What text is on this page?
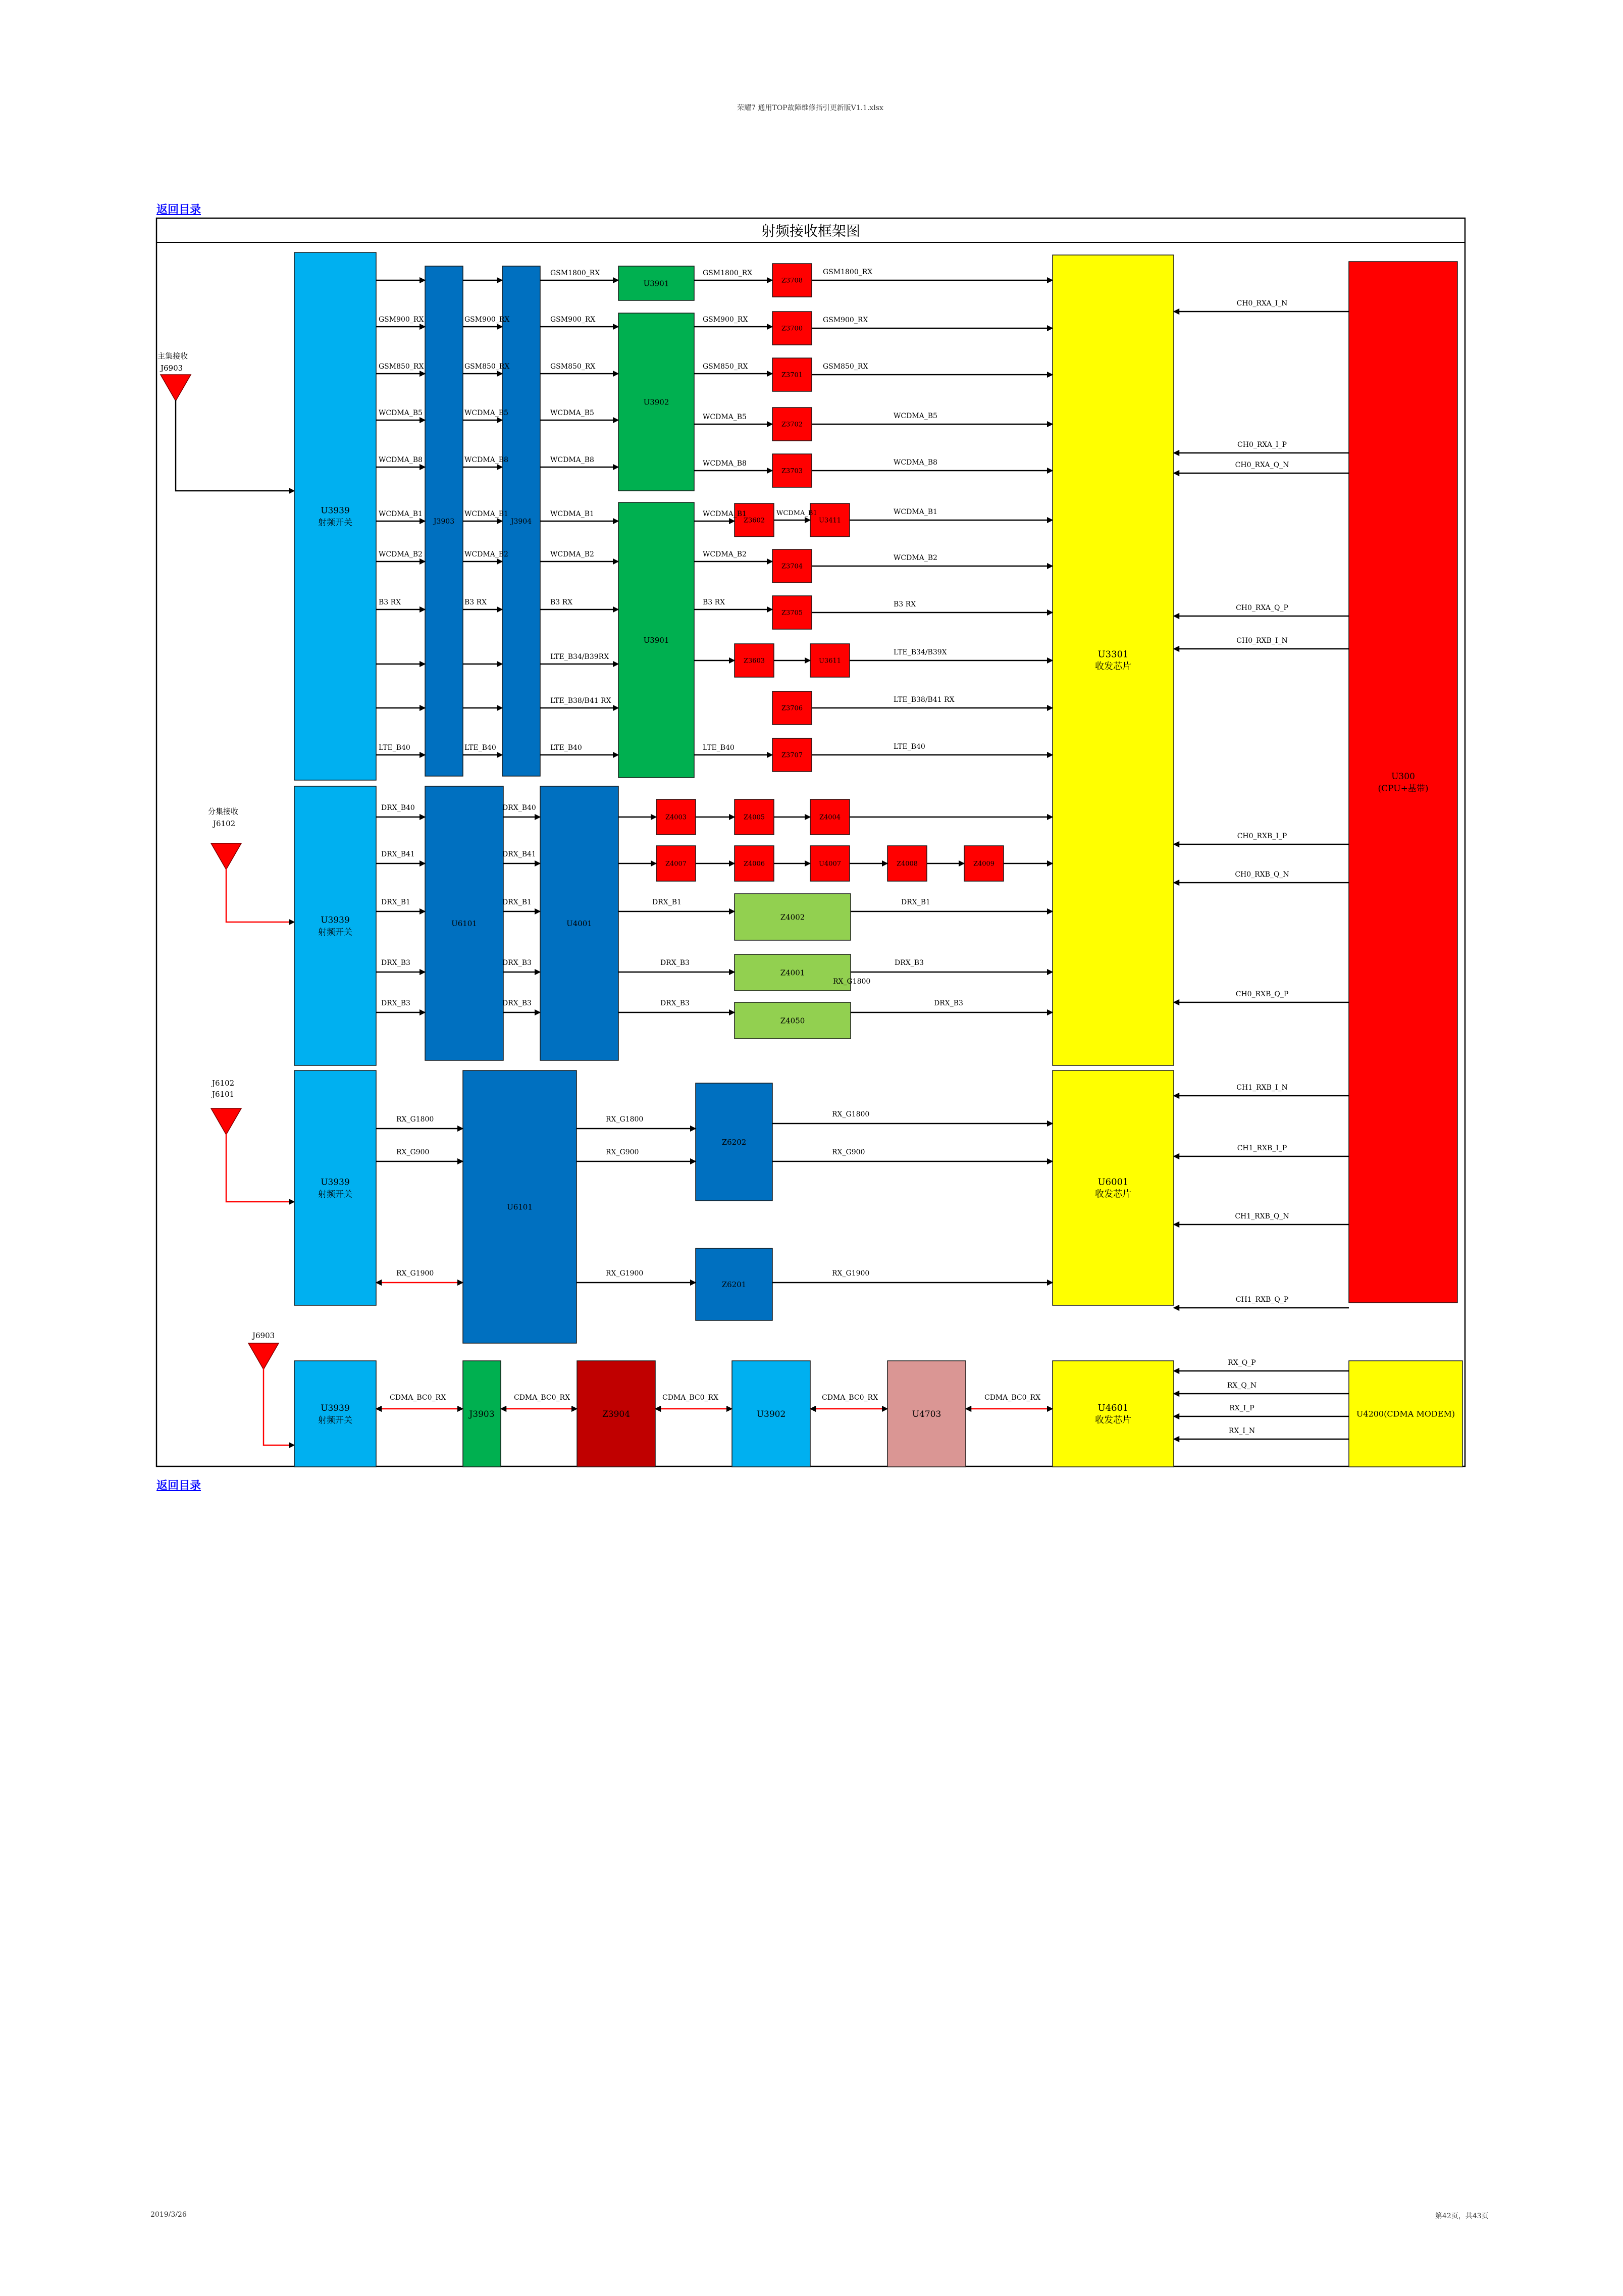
荣耀7 通用TOP故障维修指引更新版V1.1.xlsx
返回目录
返回目录
2019/3/26	第42页，共43页
射频接收框架图
主集接收
J6903
U3939
射频开关	J3903	J3904
GSM900_RX	GSM900_RX
GSM850_RX	GSM850_RX
WCDMA_B5	WCDMA_B5
WCDMA_B8	WCDMA_B8
WCDMA_B1	WCDMA_B1
WCDMA_B2	WCDMA_B2
B3 RX	B3 RX
LTE_B40	LTE_B40
GSM1800_RX
GSM900_RX
GSM850_RX
WCDMA_B5
WCDMA_B8
WCDMA_B1
WCDMA_B2
B3 RX
LTE_B34/B39RX
LTE_B38/B41 RX
LTE_B40
U3901
U3902
U3901
Z3708
Z3700
Z3701
Z3702
Z3703
Z3704
Z3705
Z3706
Z3707
Z3602
Z3603
U3411
U3611
GSM1800_RX
GSM900_RX
GSM850_RX
WCDMA_B5
WCDMA_B8
WCDMA_B1
WCDMA_B2
B3 RX
LTE_B40
WCDMA_B1
U3301
收发芯片
GSM1800_RX
GSM900_RX
GSM850_RX
WCDMA_B5
WCDMA_B8
WCDMA_B1
WCDMA_B2
B3 RX
LTE_B34/B39X
LTE_B38/B41 RX
LTE_B40
U300
(CPU+基带)
CH0_RXA_I_N
CH0_RXA_I_P
CH0_RXA_Q_N
CH0_RXA_Q_P
CH0_RXB_I_N
CH0_RXB_I_P
CH0_RXB_Q_N
CH0_RXB_Q_P
分集接收
J6102
U3939
射频开关
U6101	U4001
DRX_B40	DRX_B40
DRX_B41	DRX_B41
DRX_B1	DRX_B1
DRX_B3	DRX_B3
DRX_B3	DRX_B3
Z4003	Z4005	Z4004
Z4007	Z4006	U4007	Z4008	Z4009
Z4002
Z4001
Z4050
DRX_B1
DRX_B3
DRX_B3
DRX_B1
DRX_B3
DRX_B3
RX_G1800
J6102
J6101
U3939
射频开关
U6101
Z6202
Z6201
RX_G1800
RX_G900
RX_G1900
RX_G1800
RX_G900
RX_G1900
U6001
收发芯片
RX_G1800
RX_G900
RX_G1900
CH1_RXB_I_N
CH1_RXB_I_P
CH1_RXB_Q_N
CH1_RXB_Q_P
J6903
U3939
射频开关
J3903	Z3904	U3902	U4703
U4601
收发芯片
U4200(CDMA MODEM)
CDMA_BC0_RX	CDMA_BC0_RX	CDMA_BC0_RX	CDMA_BC0_RX	CDMA_BC0_RX
RX_Q_P
RX_Q_N
RX_I_P
RX_I_N
